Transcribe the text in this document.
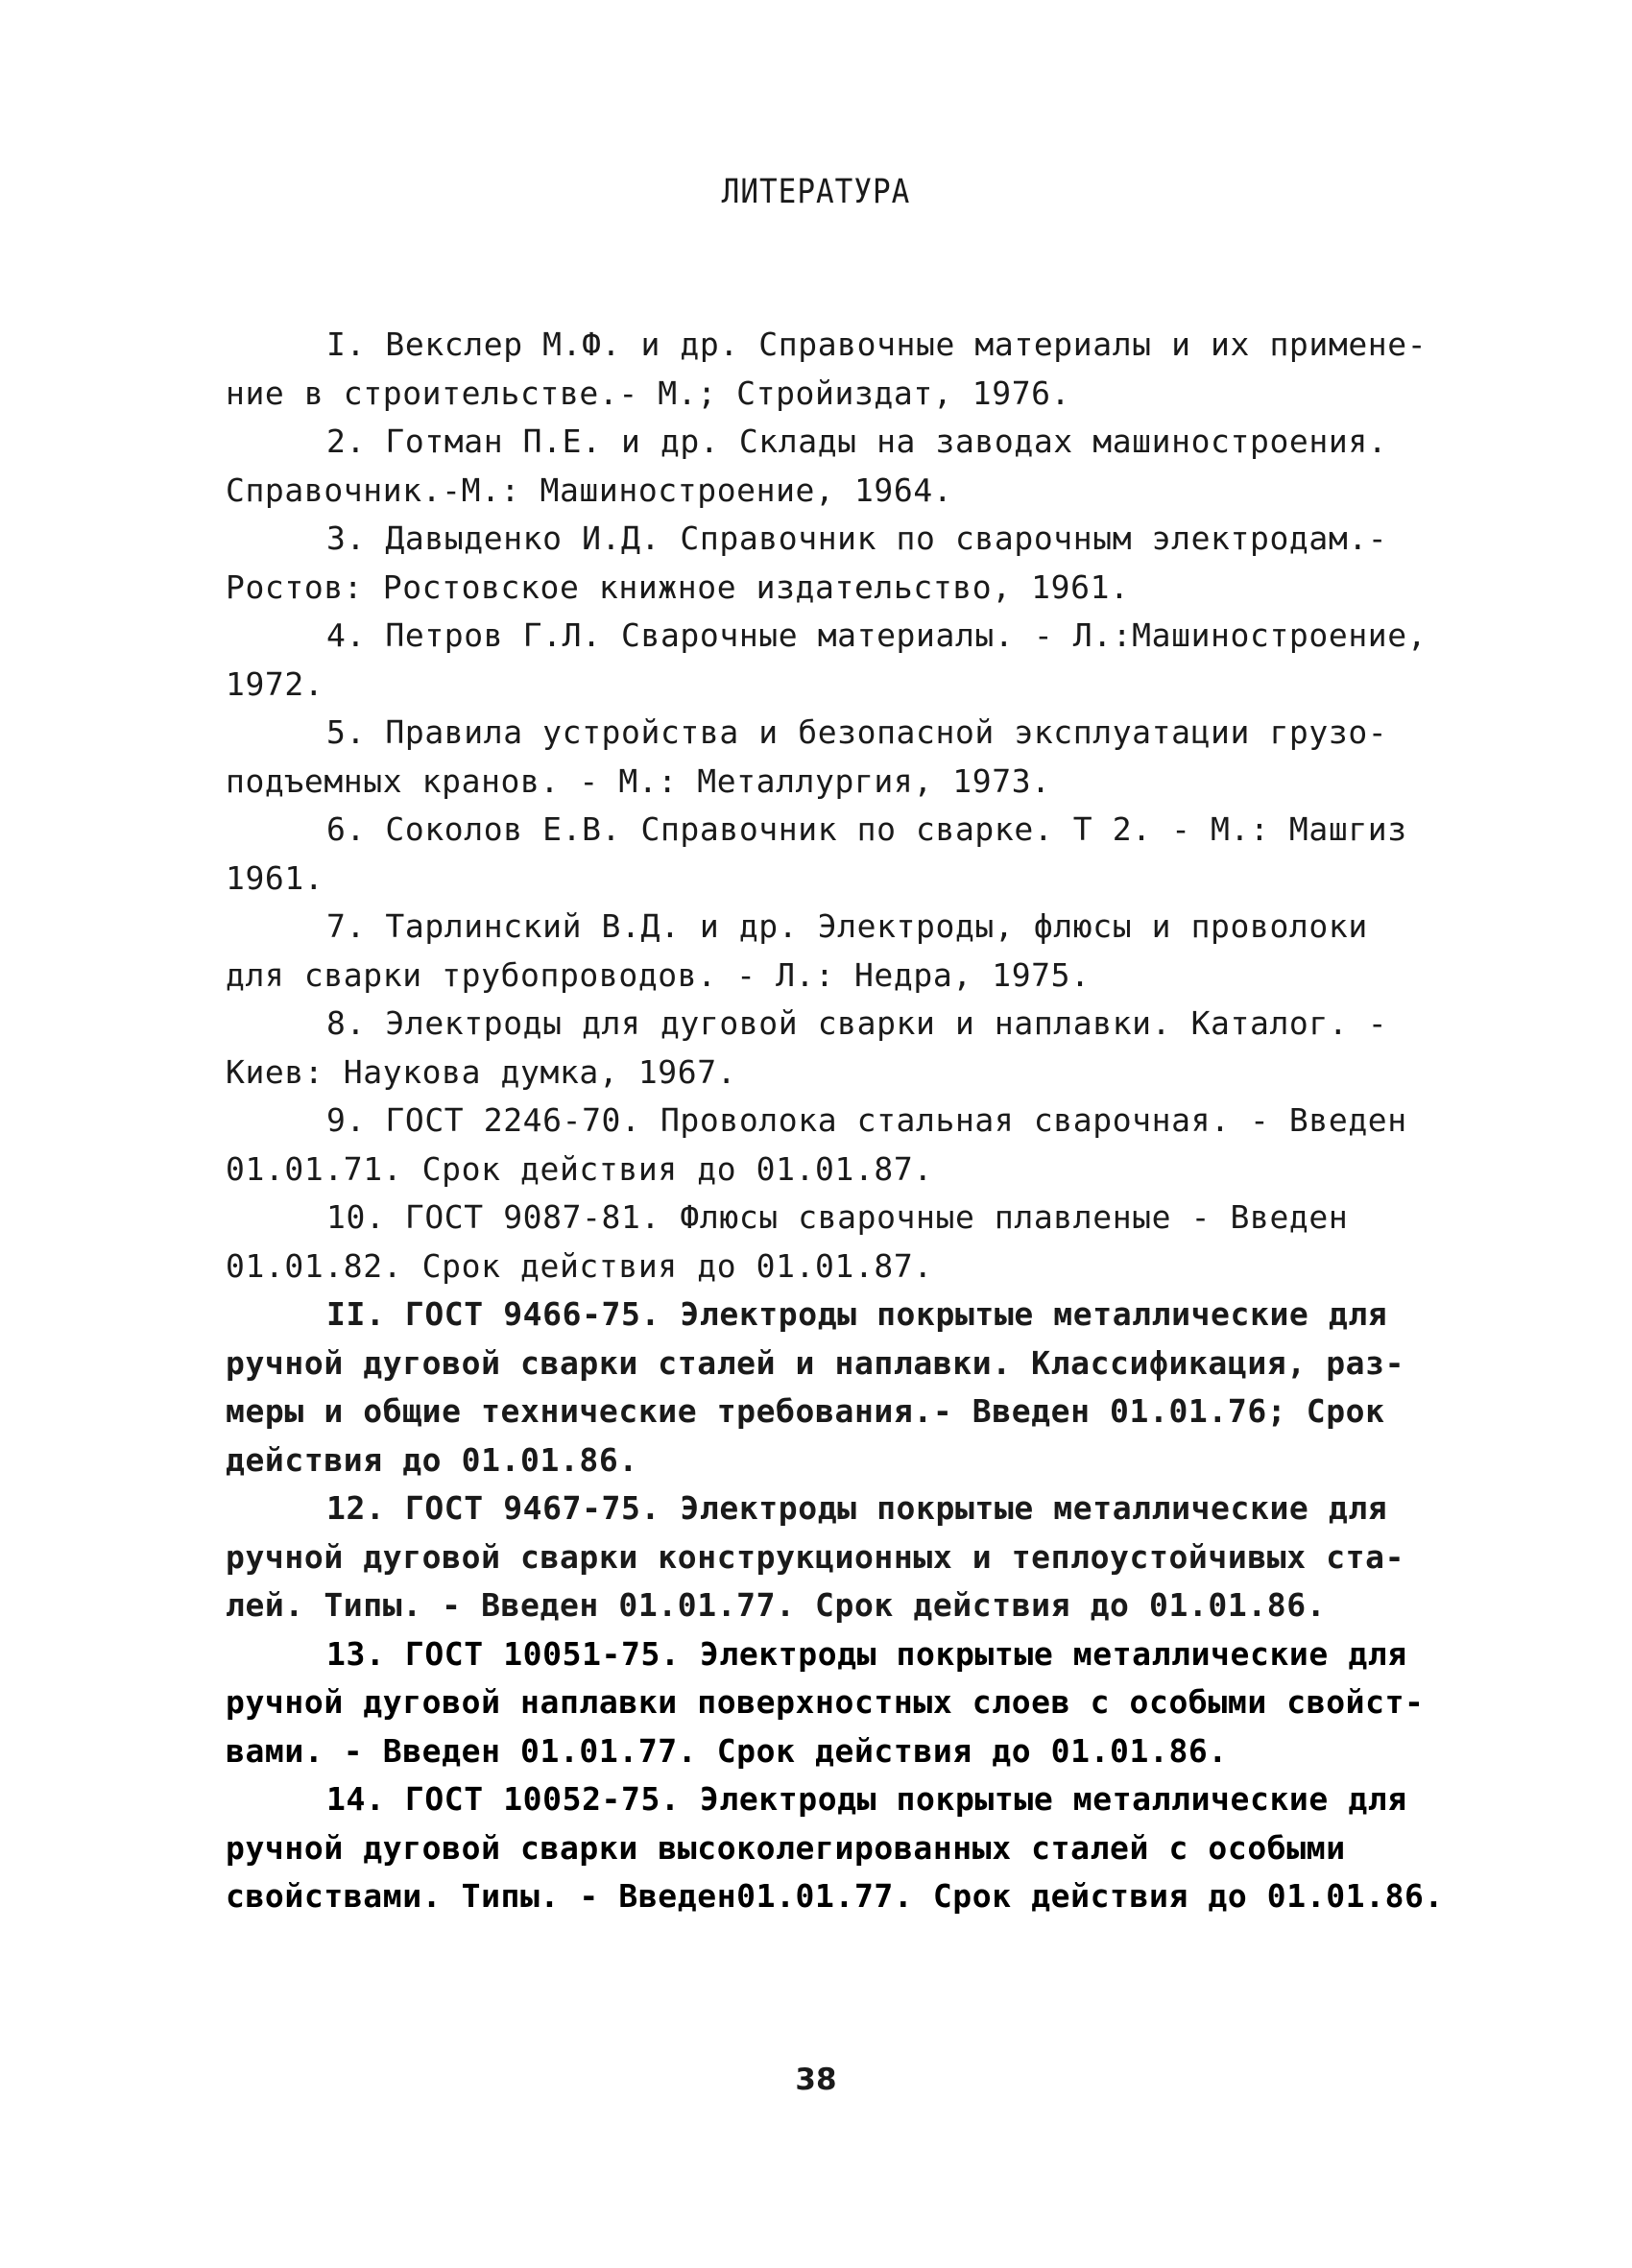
ЛИТЕРАТУРА
I. Векслер М.Ф. и др. Справочные материалы и их примене-
ние в строительстве.- М.; Стройиздат, 1976.
2. Готман П.Е. и др. Склады на заводах машиностроения.
Справочник.-М.: Машиностроение, 1964.
3. Давыденко И.Д. Справочник по сварочным электродам.-
Ростов: Ростовское книжное издательство, 1961.
4. Петров Г.Л. Сварочные материалы. - Л.:Машиностроение,
1972.
5. Правила устройства и безопасной эксплуатации грузо-
подъемных кранов. - М.: Металлургия, 1973.
6. Соколов Е.В. Справочник по сварке. Т 2. - М.: Машгиз
1961.
7. Тарлинский В.Д. и др. Электроды, флюсы и проволоки
для сварки трубопроводов. - Л.: Недра, 1975.
8. Электроды для дуговой сварки и наплавки. Каталог. -
Киев: Наукова думка, 1967.
9. ГОСТ 2246-70. Проволока стальная сварочная. - Введен
01.01.71. Срок действия до 01.01.87.
10. ГОСТ 9087-81. Флюсы сварочные плавленые - Введен
01.01.82. Срок действия до 01.01.87.
II. ГОСТ 9466-75. Электроды покрытые металлические для
ручной дуговой сварки сталей и наплавки. Классификация, раз-
меры и общие технические требования.- Введен 01.01.76; Срок
действия до 01.01.86.
12. ГОСТ 9467-75. Электроды покрытые металлические для
ручной дуговой сварки конструкционных и теплоустойчивых ста-
лей. Типы. - Введен 01.01.77. Срок действия до 01.01.86.
13. ГОСТ 10051-75. Электроды покрытые металлические для
ручной дуговой наплавки поверхностных слоев с особыми свойст-
вами. - Введен 01.01.77. Срок действия до 01.01.86.
14. ГОСТ 10052-75. Электроды покрытые металлические для
ручной дуговой сварки высоколегированных сталей с особыми
свойствами. Типы. - Введен01.01.77. Срок действия до 01.01.86.
38
